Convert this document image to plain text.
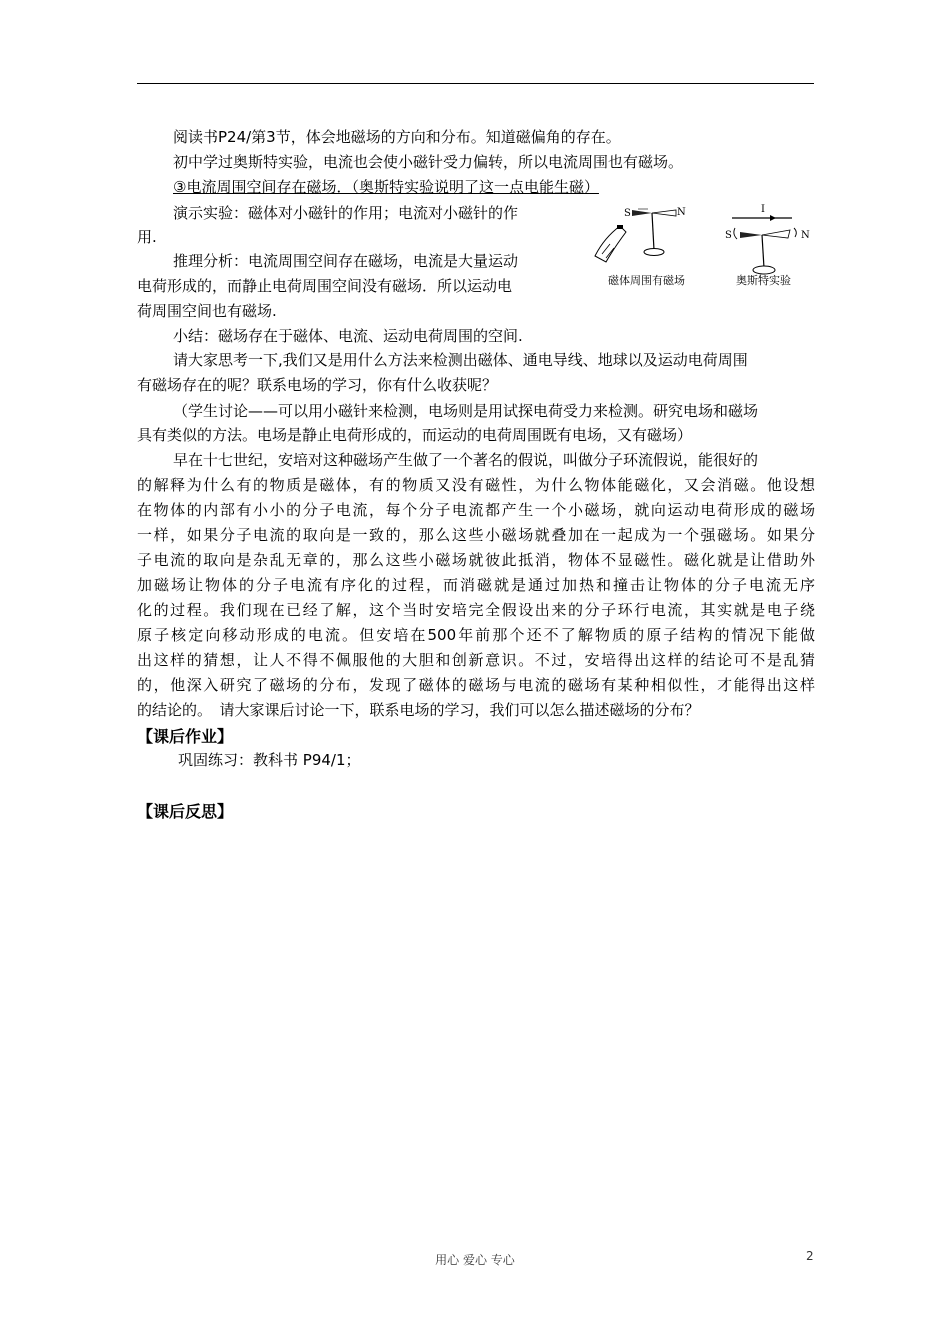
阅读书P24/第3节，体会地磁场的方向和分布。知道磁偏角的存在。
初中学过奥斯特实验，电流也会使小磁针受力偏转，所以电流周围也有磁场。
③电流周围空间存在磁场．（奥斯特实验说明了这一点电能生磁）
演示实验：磁体对小磁针的作用；电流对小磁针的作
用.
推理分析：电流周围空间存在磁场，电流是大量运动
电荷形成的，而静止电荷周围空间没有磁场．所以运动电
荷周围空间也有磁场.
小结：磁场存在于磁体、电流、运动电荷周围的空间.
请大家思考一下,我们又是用什么方法来检测出磁体、通电导线、地球以及运动电荷周围
有磁场存在的呢？联系电场的学习，你有什么收获呢？
（学生讨论——可以用小磁针来检测，电场则是用试探电荷受力来检测。研究电场和磁场
具有类似的方法。电场是静止电荷形成的，而运动的电荷周围既有电场，又有磁场）
早在十七世纪，安培对这种磁场产生做了一个著名的假说，叫做分子环流假说，能很好的
的解释为什么有的物质是磁体，有的物质又没有磁性，为什么物体能磁化，又会消磁。他设想
在物体的内部有小小的分子电流，每个分子电流都产生一个小磁场，就向运动电荷形成的磁场
一样，如果分子电流的取向是一致的，那么这些小磁场就叠加在一起成为一个强磁场。如果分
子电流的取向是杂乱无章的，那么这些小磁场就彼此抵消，物体不显磁性。磁化就是让借助外
加磁场让物体的分子电流有序化的过程，而消磁就是通过加热和撞击让物体的分子电流无序
化的过程。我们现在已经了解，这个当时安培完全假设出来的分子环行电流，其实就是电子绕
原子核定向移动形成的电流。但安培在500年前那个还不了解物质的原子结构的情况下能做
出这样的猜想，让人不得不佩服他的大胆和创新意识。不过，安培得出这样的结论可不是乱猜
的，他深入研究了磁场的分布，发现了磁体的磁场与电流的磁场有某种相似性，才能得出这样
的结论的。　请大家课后讨论一下，联系电场的学习，我们可以怎么描述磁场的分布？
【课后作业】
巩固练习：教科书 P94/1；
【课后反思】
S	N
磁体周围有磁场
I
S	N
奥斯特实验
用心 爱心 专心	2
